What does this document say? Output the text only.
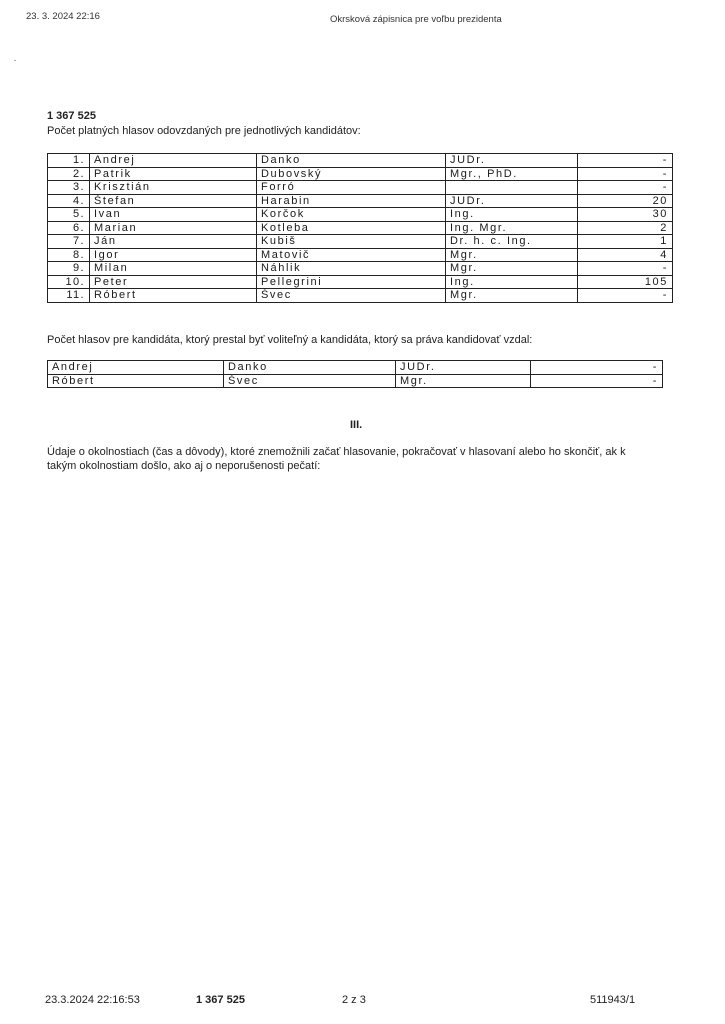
23. 3. 2024 22:16	Okrsková zápisnica pre voľbu prezidenta
1 367 525
Počet platných hlasov odovzdaných pre jednotlivých kandidátov:
1.	Andrej	Danko	JUDr.	-
2.	Patrik	Dubovský	Mgr., PhD.	-
3.	Krisztián	Forró		-
4.	Štefan	Harabin	JUDr.	20
5.	Ivan	Korčok	Ing.	30
6.	Marian	Kotleba	Ing. Mgr.	2
7.	Ján	Kubiš	Dr. h. c. Ing.	1
8.	Igor	Matovič	Mgr.	4
9.	Milan	Náhlik	Mgr.	-
10.	Peter	Pellegrini	Ing.	105
11.	Róbert	Švec	Mgr.	-
Počet hlasov pre kandidáta, ktorý prestal byť voliteľný a kandidáta, ktorý sa práva kandidovať vzdal:
Andrej	Danko	JUDr.	-
Róbert	Švec	Mgr.	-
III.
Údaje o okolnostiach (čas a dôvody), ktoré znemožnili začať hlasovanie, pokračovať v hlasovaní alebo ho skončiť, ak k takým okolnostiam došlo, ako aj o neporušenosti pečatí:
23.3.2024 22:16:53	1 367 525	2 z 3	511943/1
